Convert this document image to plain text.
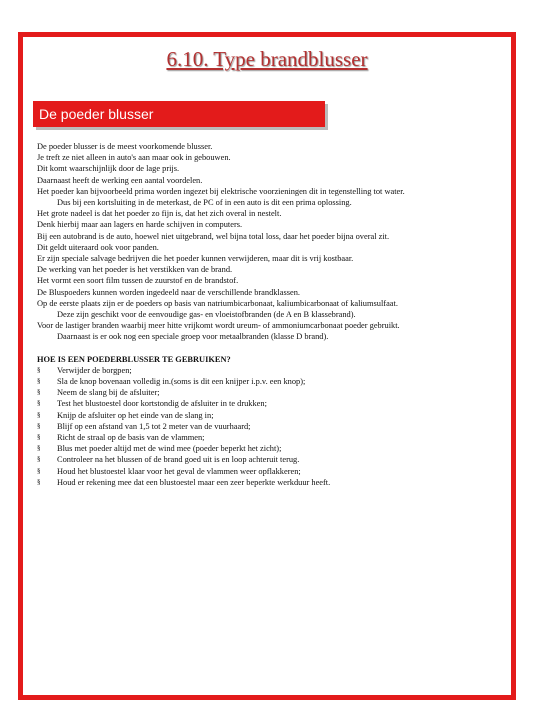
6.10. Type brandblusser
De poeder blusser

De poeder blusser is de meest voorkomende blusser.

Je treft ze niet alleen in auto's aan maar ook in gebouwen.

Dit komt waarschijnlijk door de lage prijs.

Daarnaast heeft de werking een aantal voordelen.

Het poeder kan bijvoorbeeld prima worden ingezet bij elektrische voorzieningen dit in tegenstelling tot water.

Dus bij een kortsluiting in de meterkast, de PC of in een auto is dit een prima oplossing.

Het grote nadeel is dat het poeder zo fijn is, dat het zich overal in nestelt.

Denk hierbij maar aan lagers en harde schijven in computers.

Bij een autobrand is de auto, hoewel niet uitgebrand, wel bijna total loss, daar het poeder bijna overal zit.

Dit geldt uiteraard ook voor panden.

Er zijn speciale salvage bedrijven die het poeder kunnen verwijderen, maar dit is vrij kostbaar.

De werking van het poeder is het verstikken van de brand.

Het vormt een soort film tussen de zuurstof en de brandstof.

De Bluspoeders kunnen worden ingedeeld naar de verschillende brandklassen.

Op de eerste plaats zijn er de poeders op basis van natriumbicarbonaat, kaliumbicarbonaat of kaliumsulfaat.

Deze zijn geschikt voor de eenvoudige gas- en vloeistofbranden (de A en B klassebrand).

Voor de lastiger branden waarbij meer hitte vrijkomt wordt ureum- of ammoniumcarbonaat poeder gebruikt.

Daarnaast is er ook nog een speciale groep voor metaalbranden (klasse D brand).

HOE IS EEN POEDERBLUSSER TE GEBRUIKEN?

§	Verwijder de borgpen;
§	Sla de knop bovenaan volledig in.(soms is dit een knijper i.p.v. een knop);
§	Neem de slang bij de afsluiter;
§	Test het blustoestel door kortstondig de afsluiter in te drukken;
§	Knijp de afsluiter op het einde van de slang in;
§	Blijf op een afstand van 1,5 tot 2 meter van de vuurhaard;
§	Richt de straal op de basis van de vlammen;
§	Blus met poeder altijd met de wind mee (poeder beperkt het zicht);
§	Controleer na het blussen of de brand goed uit is en loop achteruit terug.
§	Houd het blustoestel klaar voor het geval de vlammen weer opflakkeren;
§	Houd er rekening mee dat een blustoestel maar een zeer beperkte werkduur heeft.
